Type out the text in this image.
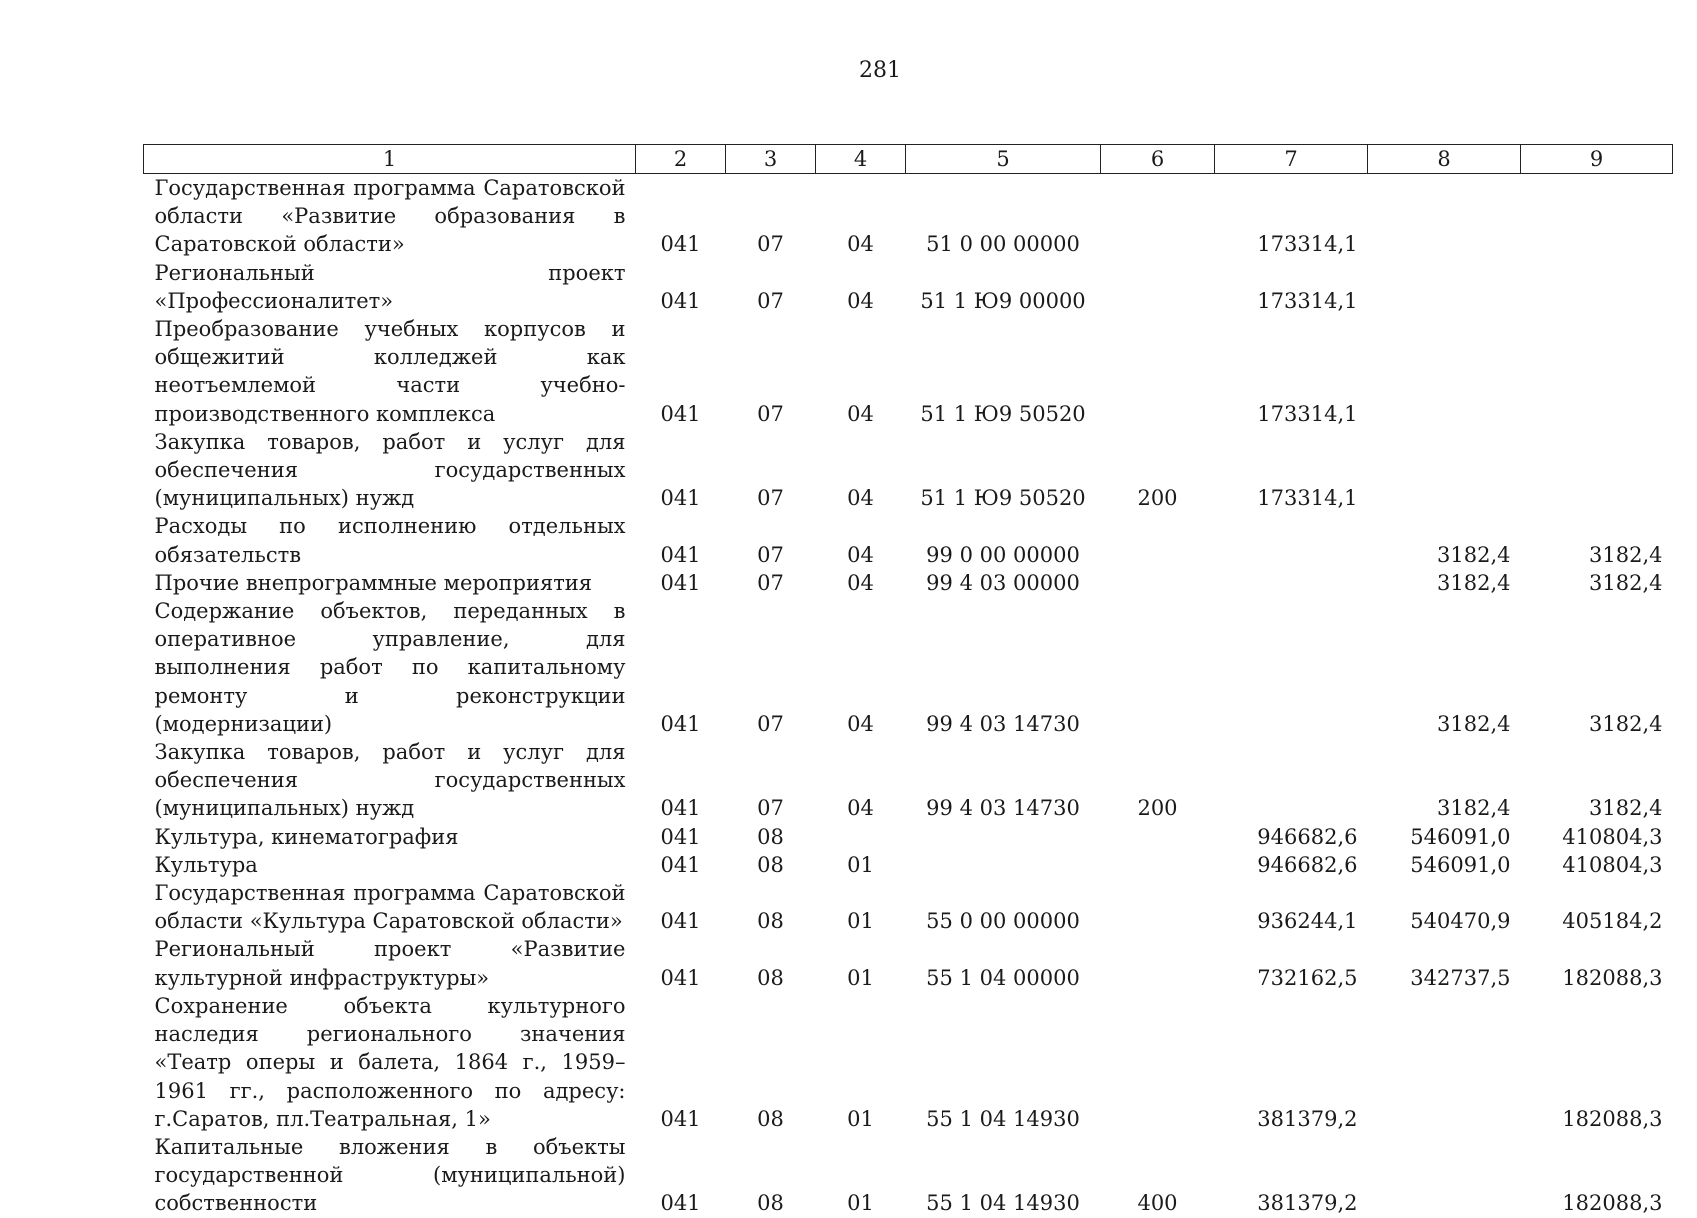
281
1	2	3	4	5	6	7	8	9
Государственная программа Саратовской области «Развитие образования в Саратовской области»	041	07	04	51 0 00 00000		173314,1		
Региональный проект «Профессионалитет»	041	07	04	51 1 Ю9 00000		173314,1		
Преобразование учебных корпусов и общежитий колледжей как неотъемлемой части учебно-производственного комплекса	041	07	04	51 1 Ю9 50520		173314,1		
Закупка товаров, работ и услуг для обеспечения государственных (муниципальных) нужд	041	07	04	51 1 Ю9 50520	200	173314,1		
Расходы по исполнению отдельных обязательств	041	07	04	99 0 00 00000			3182,4	3182,4
Прочие внепрограммные мероприятия	041	07	04	99 4 03 00000			3182,4	3182,4
Содержание объектов, переданных в оперативное управление, для выполнения работ по капитальному ремонту и реконструкции (модернизации)	041	07	04	99 4 03 14730			3182,4	3182,4
Закупка товаров, работ и услуг для обеспечения государственных (муниципальных) нужд	041	07	04	99 4 03 14730	200		3182,4	3182,4
Культура, кинематография	041	08				946682,6	546091,0	410804,3
Культура	041	08	01			946682,6	546091,0	410804,3
Государственная программа Саратовской области «Культура Саратовской области»	041	08	01	55 0 00 00000		936244,1	540470,9	405184,2
Региональный проект «Развитие культурной инфраструктуры»	041	08	01	55 1 04 00000		732162,5	342737,5	182088,3
Сохранение объекта культурного наследия регионального значения «Театр оперы и балета, 1864 г., 1959–1961 гг., расположенного по адресу: г.Саратов, пл.Театральная, 1»	041	08	01	55 1 04 14930		381379,2		182088,3
Капитальные вложения в объекты государственной (муниципальной) собственности	041	08	01	55 1 04 14930	400	381379,2		182088,3
